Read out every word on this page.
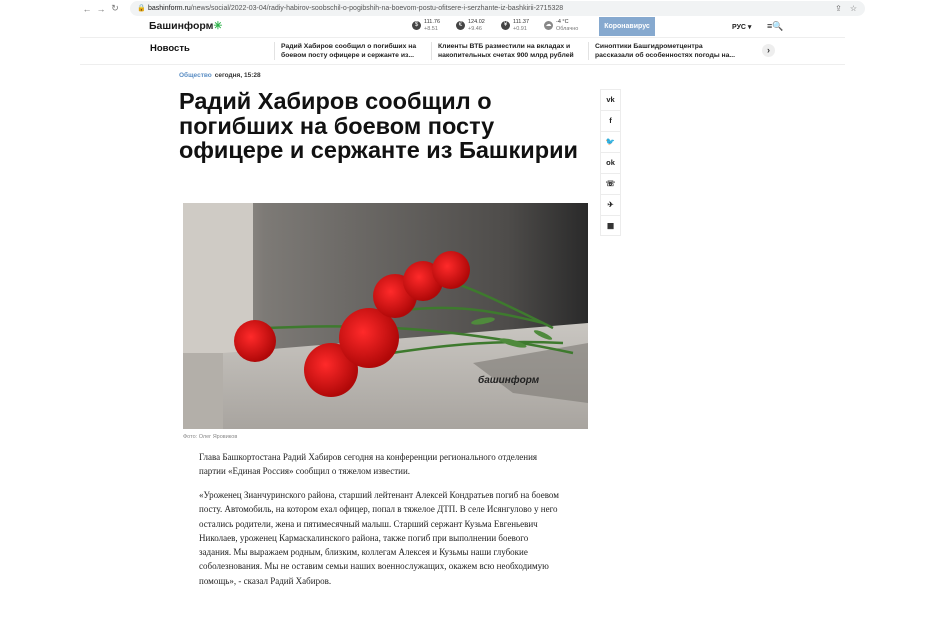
← → ↻	🔒 bashinform.ru/news/social/2022-03-04/radiy-habirov-soobschil-o-pogibshih-na-boevom-postu-ofitsere-i-serzhante-iz-bashkirii-2715328	⇪ ☆
Башинформ✳	$	111.76
+8.51
€	124.02
+9.46
¥	111.37
+0.91
☁ -4 °C
Облачно	Коронавирус	РУС ▾ ≡🔍
Новость	Радий Хабиров сообщил о погибших на боевом посту офицере и сержанте из...
Клиенты ВТБ разместили на вкладах и накопительных счетах 900 млрд рублей
Синоптики Башгидрометцентра рассказали об особенностях погоды на...
›
Общество сегодня, 15:28
Радий Хабиров сообщил о погибших на боевом посту офицере и сержанте из Башкирии
vk
f
🐦
ok
☏
✈
▦
башинформ
Фото: Олег Яровиков

Глава Башкортостана Радий Хабиров сегодня на конференции регионального отделения партии «Единая Россия» сообщил о тяжелом известии.

«Уроженец Зианчуринского района, старший лейтенант Алексей Кондратьев погиб на боевом посту. Автомобиль, на котором ехал офицер, попал в тяжелое ДТП. В селе Исянгулово у него остались родители, жена и пятимесячный малыш. Старший сержант Кузьма Евгеньевич Николаев, уроженец Кармаскалинского района, также погиб при выполнении боевого задания. Мы выражаем родным, близким, коллегам Алексея и Кузьмы наши глубокие соболезнования. Мы не оставим семьи наших военнослужащих, окажем всю необходимую помощь», - сказал Радий Хабиров.
